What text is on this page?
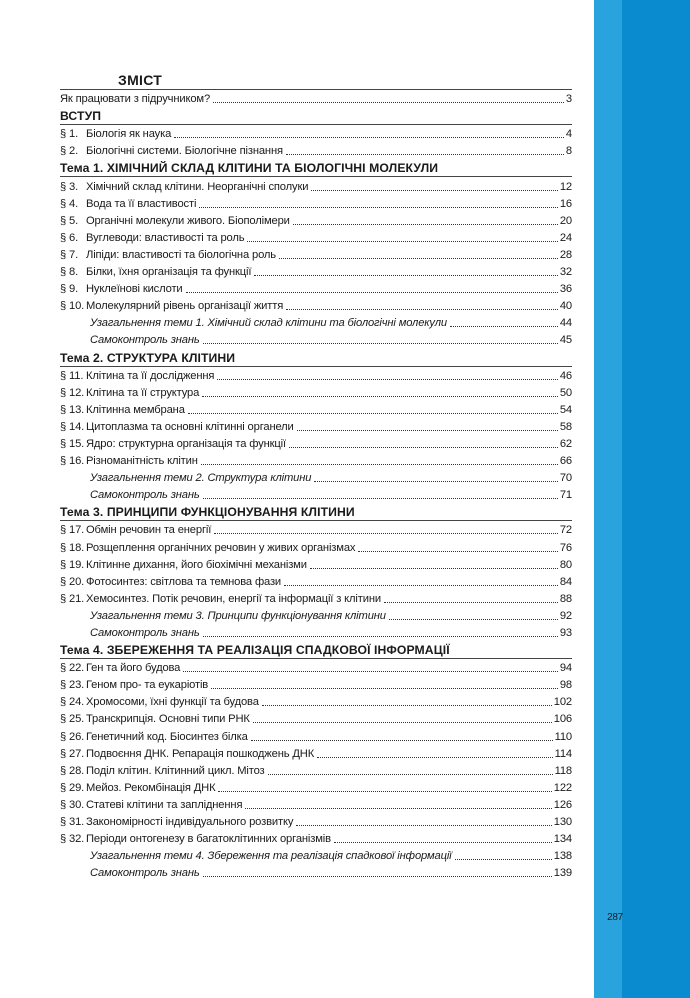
287
ЗМІСТ
Як працювати з підручником?	3
ВСТУП
§ 1. Біологія як наука	4
§ 2. Біологічні системи. Біологічне пізнання	8
Тема 1. ХІМІЧНИЙ СКЛАД КЛІТИНИ ТА БІОЛОГІЧНІ МОЛЕКУЛИ
§ 3. Хімічний склад клітини. Неорганічні сполуки	12
§ 4. Вода та її властивості	16
§ 5. Органічні молекули живого. Біополімери	20
§ 6. Вуглеводи: властивості та роль	24
§ 7. Ліпіди: властивості та біологічна роль	28
§ 8. Білки, їхня організація та функції	32
§ 9. Нуклеїнові кислоти	36
§ 10. Молекулярний рівень організації життя	40
Узагальнення теми 1. Хімічний склад клітини та біологічні молекули	44
Самоконтроль знань	45
Тема 2. СТРУКТУРА КЛІТИНИ
§ 11. Клітина та її дослідження	46
§ 12. Клітина та її структура	50
§ 13. Клітинна мембрана	54
§ 14. Цитоплазма та основні клітинні органели	58
§ 15. Ядро: структурна організація та функції	62
§ 16. Різноманітність клітин	66
Узагальнення теми 2. Структура клітини	70
Самоконтроль знань	71
Тема 3. ПРИНЦИПИ ФУНКЦІОНУВАННЯ КЛІТИНИ
§ 17. Обмін речовин та енергії	72
§ 18. Розщеплення органічних речовин у живих організмах	76
§ 19. Клітинне дихання, його біохімічні механізми	80
§ 20. Фотосинтез: світлова та темнова фази	84
§ 21. Хемосинтез. Потік речовин, енергії та інформації з клітини	88
Узагальнення теми 3. Принципи функціонування клітини	92
Самоконтроль знань	93
Тема 4. ЗБЕРЕЖЕННЯ ТА РЕАЛІЗАЦІЯ СПАДКОВОЇ ІНФОРМАЦІЇ
§ 22. Ген та його будова	94
§ 23. Геном про- та еукаріотів	98
§ 24. Хромосоми, їхні функції та будова	102
§ 25. Транскрипція. Основні типи РНК	106
§ 26. Генетичний код. Біосинтез білка	110
§ 27. Подвоєння ДНК. Репарація пошкоджень ДНК	114
§ 28. Поділ клітин. Клітинний цикл. Мітоз	118
§ 29. Мейоз. Рекомбінація ДНК	122
§ 30. Статеві клітини та запліднення	126
§ 31. Закономірності індивідуального розвитку	130
§ 32. Періоди онтогенезу в багатоклітинних організмів	134
Узагальнення теми 4. Збереження та реалізація спадкової інформації	138
Самоконтроль знань	139
